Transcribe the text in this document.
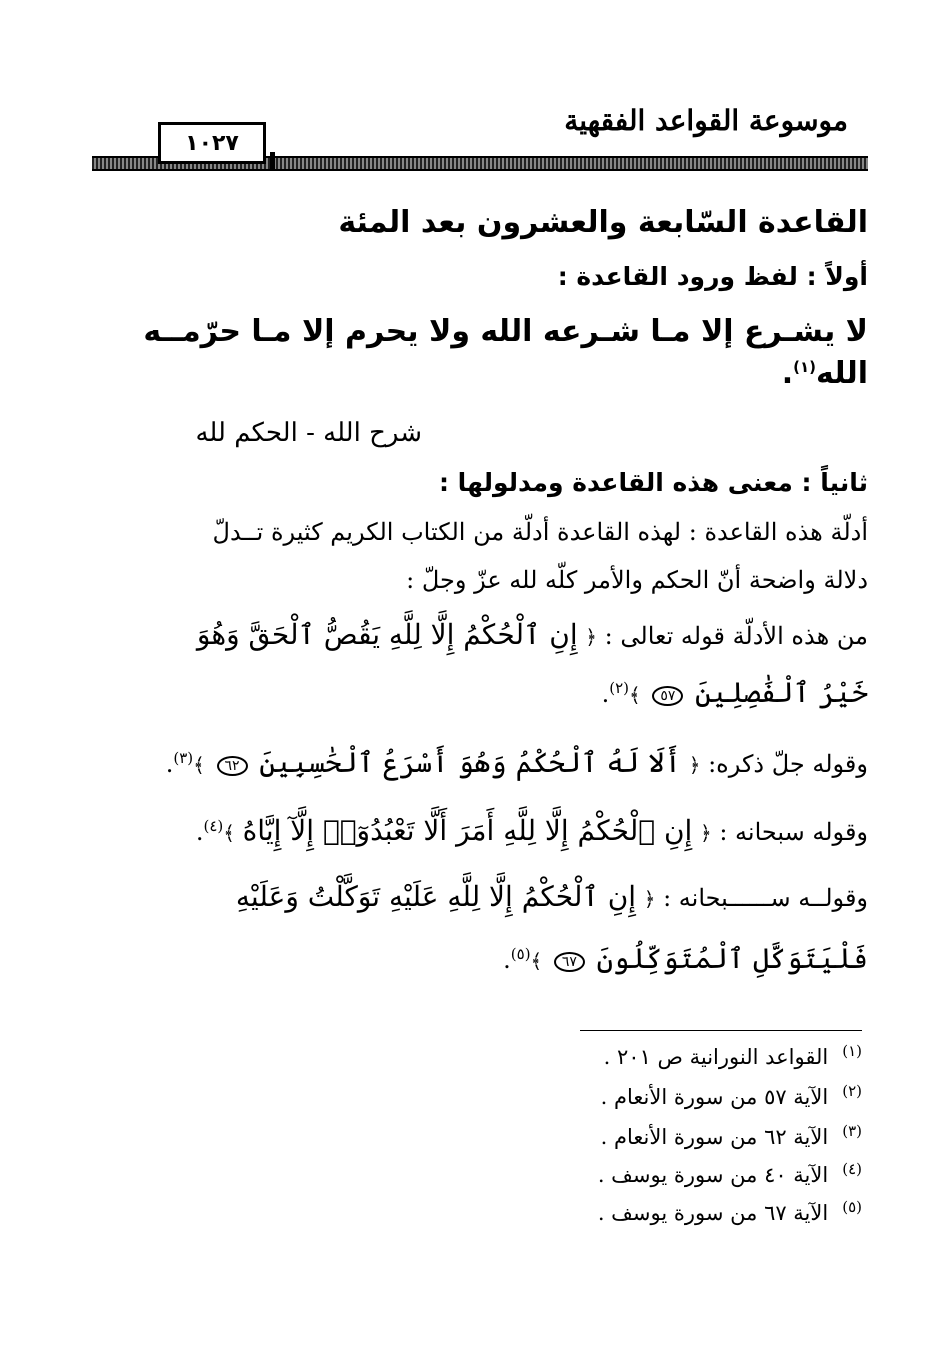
موسوعة القواعد الفقهية
١٠٢٧
القاعدة السّابعة والعشرون بعد المئة
أولاً : لفظ ورود القاعدة :
لا يشـرع إلا مـا شـرعه الله ولا يحرم إلا مـا حرّمــه
الله$^{(١)}$.
شرح الله - الحكم لله
ثانياً : معنى هذه القاعدة ومدلولها :
أدلّة هذه القاعدة : لهذه القاعدة أدلّة من الكتاب الكريم كثيرة تــدلّ
دلالة واضحة أنّ الحكم والأمر كلّه لله عزّ وجلّ :
من هذه الأدلّة قوله تعالى : ﴿ إِنِ ٱلْحُكْمُ إِلَّا لِلَّهِ يَقُصُّ ٱلْحَقَّ وَهُوَ
خَيْرُ ٱلْفَٰصِلِينَ ٥٧ ﴾$^{(٢)}$.
وقوله جلّ ذكره: ﴿ أَلَا لَهُ ٱلْحُكْمُ وَهُوَ أَسْرَعُ ٱلْحَٰسِبِينَ ٦٢ ﴾$^{(٣)}$.
وقوله سبحانه : ﴿ إِنِ ٱلْحُكْمُ إِلَّا لِلَّهِ أَمَرَ أَلَّا تَعْبُدُوٓا۟ إِلَّآ إِيَّاهُ ﴾$^{(٤)}$.
وقولــه ســــــبحانه : ﴿ إِنِ ٱلْحُكْمُ إِلَّا لِلَّهِ عَلَيْهِ تَوَكَّلْتُ وَعَلَيْهِ
فَلْيَتَوَكَّلِ ٱلْمُتَوَكِّلُونَ ٦٧ ﴾$^{(٥)}$.
$^{(١)}$القواعد النورانية ص ٢٠١ .
$^{(٢)}$الآية ٥٧ من سورة الأنعام .
$^{(٣)}$الآية ٦٢ من سورة الأنعام .
$^{(٤)}$الآية ٤٠ من سورة يوسف .
$^{(٥)}$الآية ٦٧ من سورة يوسف .
